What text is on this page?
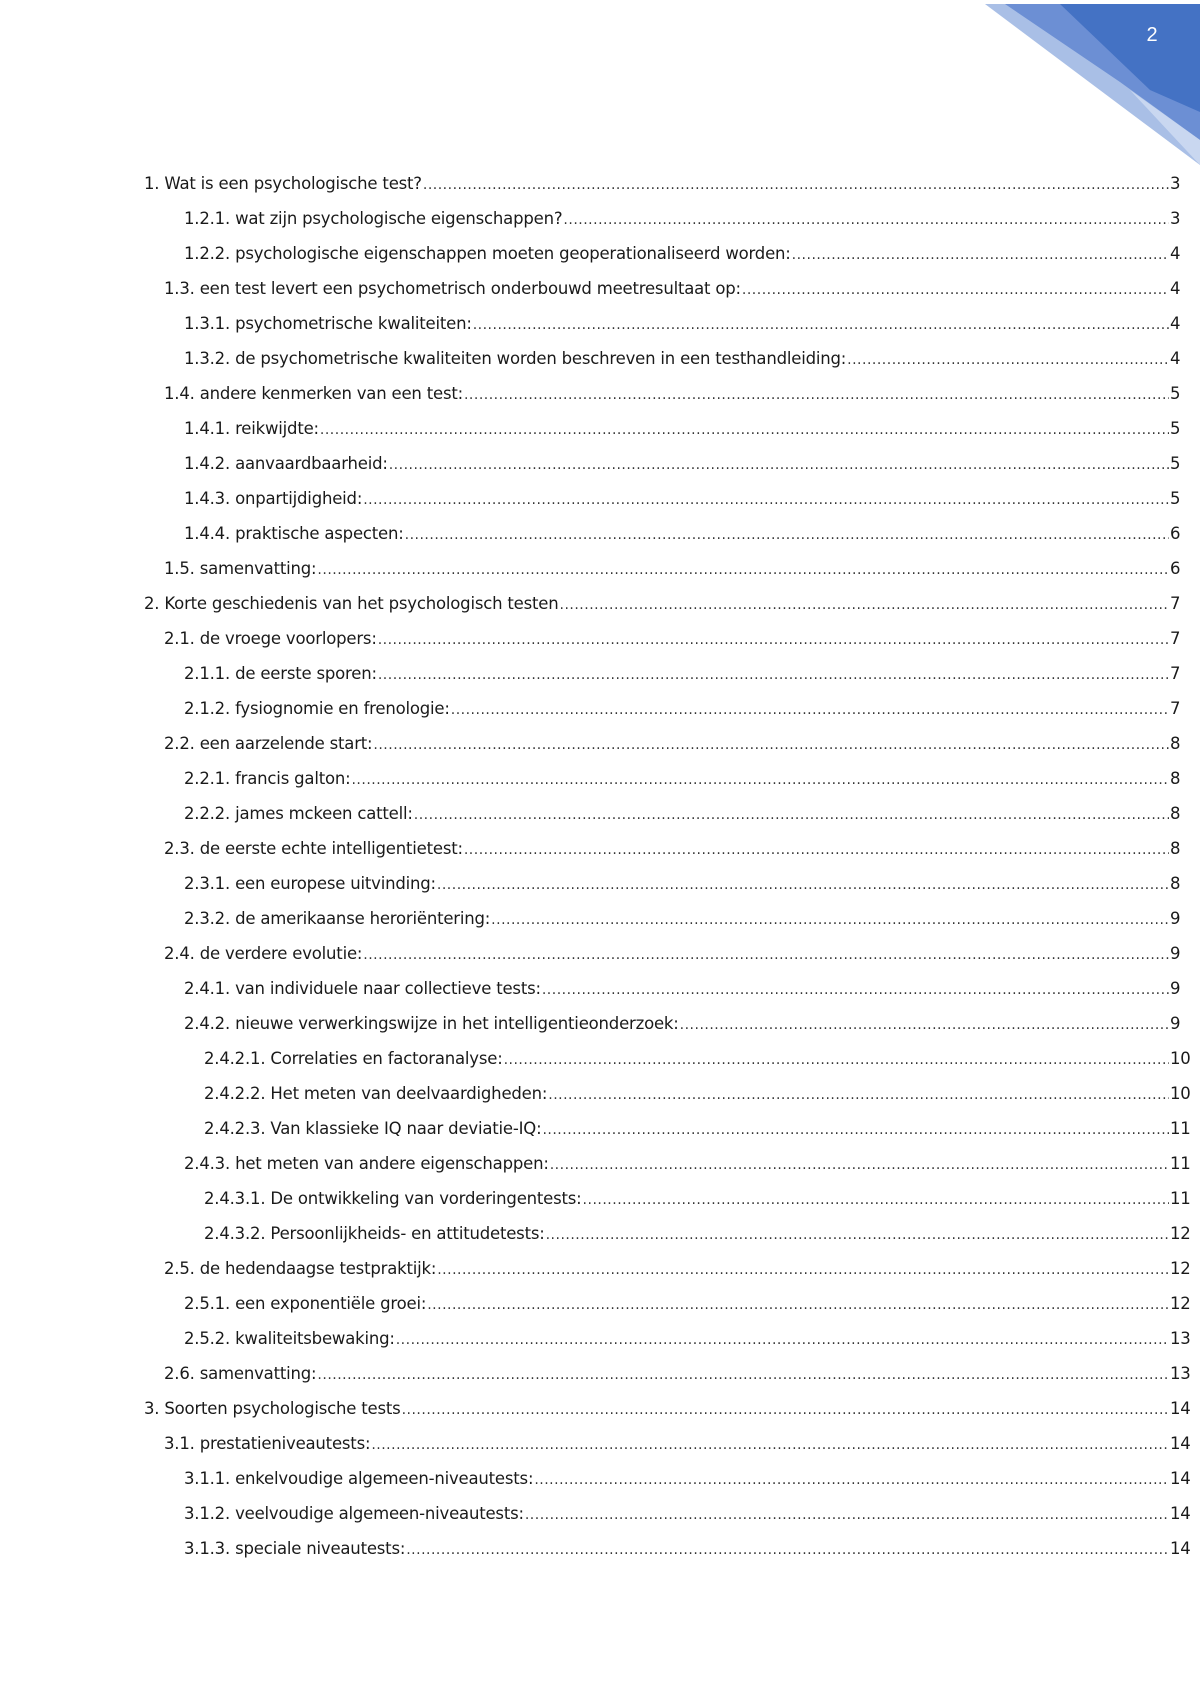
2
1. Wat is een psychologische test? .....	3
1.2.1. wat zijn psychologische eigenschappen? .....	3
1.2.2. psychologische eigenschappen moeten geoperationaliseerd worden: .....	4
1.3. een test levert een psychometrisch onderbouwd meetresultaat op: .....	4
1.3.1. psychometrische kwaliteiten: .....	4
1.3.2. de psychometrische kwaliteiten worden beschreven in een testhandleiding: .....	4
1.4. andere kenmerken van een test: .....	5
1.4.1. reikwijdte: .....	5
1.4.2. aanvaardbaarheid: .....	5
1.4.3. onpartijdigheid: .....	5
1.4.4. praktische aspecten: .....	6
1.5. samenvatting: .....	6
2. Korte geschiedenis van het psychologisch testen .....	7
2.1. de vroege voorlopers: .....	7
2.1.1. de eerste sporen: .....	7
2.1.2. fysiognomie en frenologie: .....	7
2.2. een aarzelende start: .....	8
2.2.1. francis galton: .....	8
2.2.2. james mckeen cattell: .....	8
2.3. de eerste echte intelligentietest: .....	8
2.3.1. een europese uitvinding: .....	8
2.3.2. de amerikaanse heroriëntering: .....	9
2.4. de verdere evolutie: .....	9
2.4.1. van individuele naar collectieve tests: .....	9
2.4.2. nieuwe verwerkingswijze in het intelligentieonderzoek: .....	9
2.4.2.1. Correlaties en factoranalyse: .....	10
2.4.2.2. Het meten van deelvaardigheden: .....	10
2.4.2.3. Van klassieke IQ naar deviatie-IQ: .....	11
2.4.3. het meten van andere eigenschappen: .....	11
2.4.3.1. De ontwikkeling van vorderingentests: .....	11
2.4.3.2. Persoonlijkheids- en attitudetests: .....	12
2.5. de hedendaagse testpraktijk: .....	12
2.5.1. een exponentiële groei: .....	12
2.5.2. kwaliteitsbewaking: .....	13
2.6. samenvatting: .....	13
3. Soorten psychologische tests .....	14
3.1. prestatieniveautests: .....	14
3.1.1. enkelvoudige algemeen-niveautests: .....	14
3.1.2. veelvoudige algemeen-niveautests: .....	14
3.1.3. speciale niveautests: .....	14
